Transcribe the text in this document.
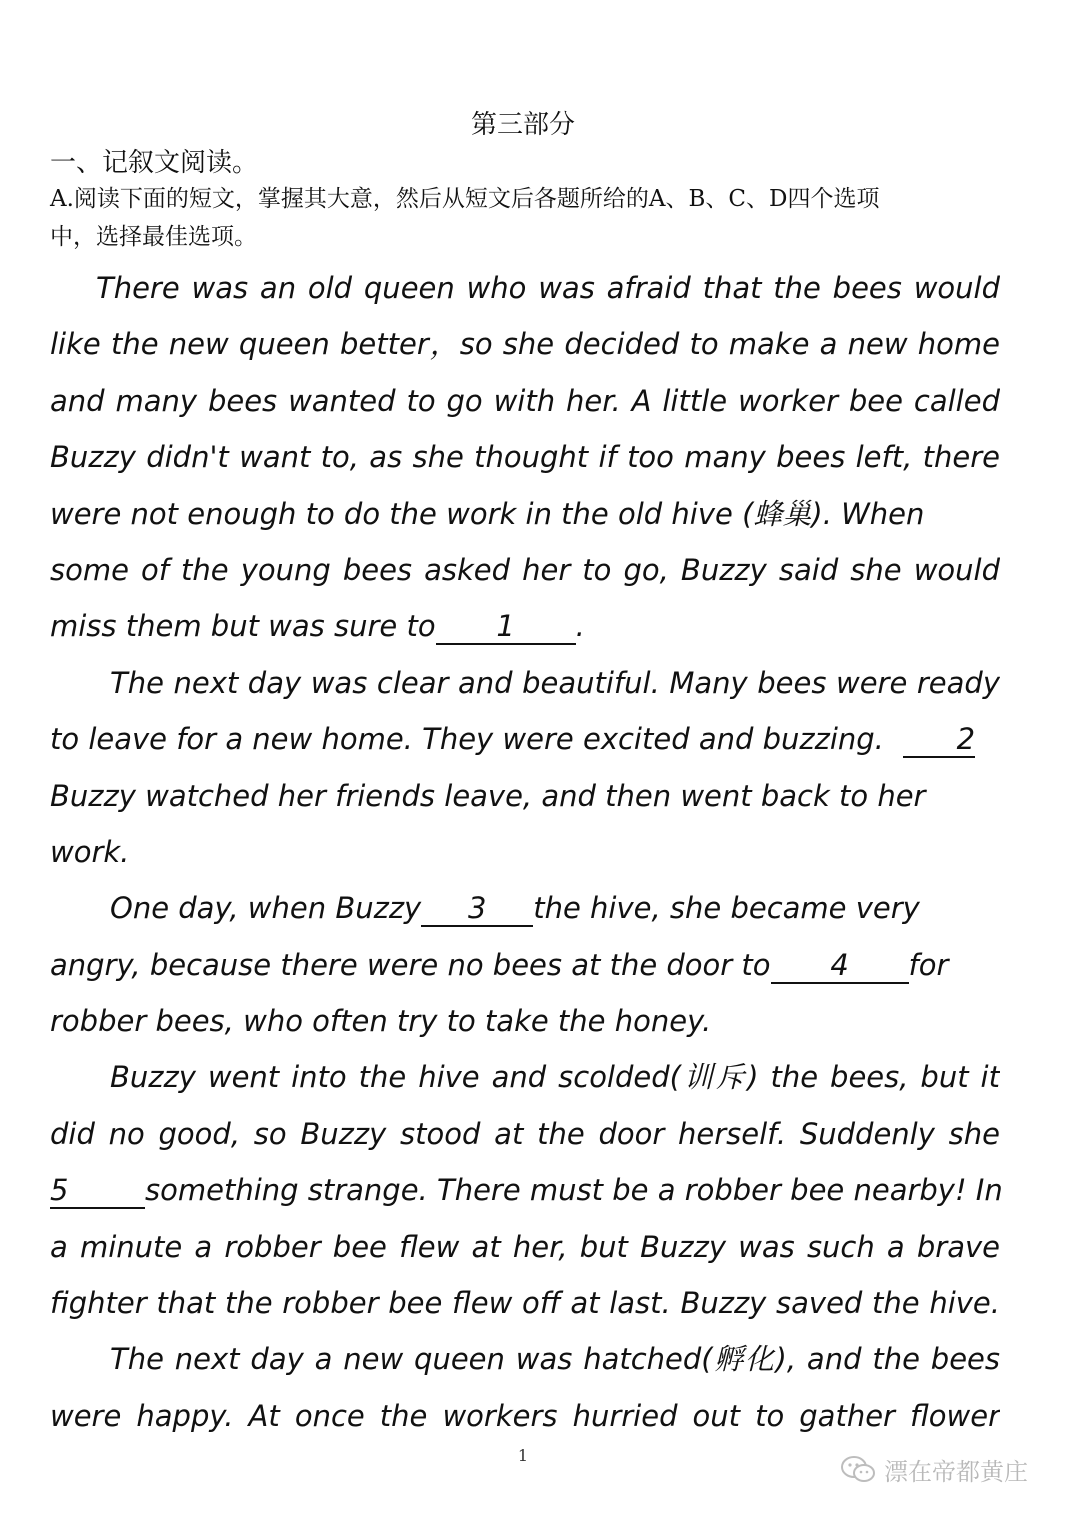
第三部分
一、记叙文阅读。
A.阅读下面的短文，掌握其大意，然后从短文后各题所给的A、B、C、D四个选项
中，选择最佳选项。
There was an old queen who was afraid that the bees would
like the new queen better，so she decided to make a new home
and many bees wanted to go with her. A little worker bee called
Buzzy didn't want to, as she thought if too many bees left, there
were not enough to do the work in the old hive (蜂巢). When
some of the young bees asked her to go, Buzzy said she would
miss them but was sure to 1 .
The next day was clear and beautiful. Many bees were ready
to leave for a new home. They were excited and buzzing.	2
Buzzy watched her friends leave, and then went back to her
work.
One day, when Buzzy 3 the hive, she became very
angry, because there were no bees at the door to 4 for
robber bees, who often try to take the honey.
Buzzy went into the hive and scolded(训斥) the bees, but it
did no good, so Buzzy stood at the door herself. Suddenly she
5	something strange. There must be a robber bee nearby! In
a minute a robber bee flew at her, but Buzzy was such a brave
fighter that the robber bee flew off at last. Buzzy saved the hive.
The next day a new queen was hatched(孵化), and the bees
were happy. At once the workers hurried out to gather flower
1
漂在帝都黄庄
